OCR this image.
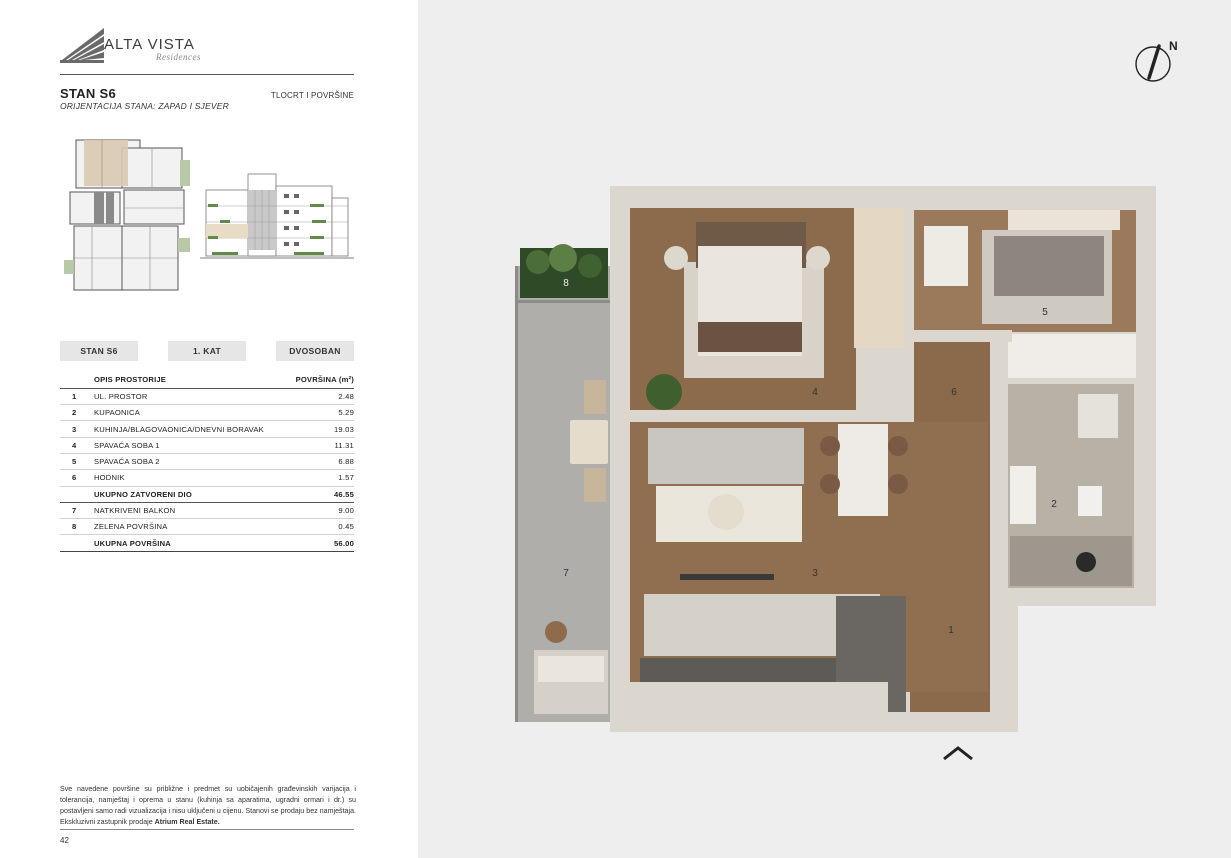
ALTA VISTA
Residences
STAN S6
ORIJENTACIJA STANA: ZAPAD I SJEVER
TLOCRT I POVRŠINE
STAN S6	1. KAT	DVOSOBAN
	OPIS PROSTORIJE	POVRŠINA (m²)
1	UL. PROSTOR	2.48
2	KUPAONICA	5.29
3	KUHINJA/BLAGOVAONICA/DNEVNI BORAVAK	19.03
4	SPAVAĆA SOBA 1	11.31
5	SPAVAĆA SOBA 2	6.88
6	HODNIK	1.57
	UKUPNO ZATVORENI DIO	46.55
7	NATKRIVENI BALKON	9.00
8	ZELENA POVRŠINA	0.45
	UKUPNA POVRŠINA	56.00
Sve navedene površine su približne i predmet su uobičajenih građevinskih varijacija i tolerancija, namještaj i oprema u stanu (kuhinja sa aparatima, ugradni ormari i dr.) su postavljeni samo radi vizualizacija i nisu uključeni u cijenu. Stanovi se prodaju bez namještaja. Ekskluzivni zastupnik prodaje Atrium Real Estate.
42
N
1
2
3
4
5
6
7
8
